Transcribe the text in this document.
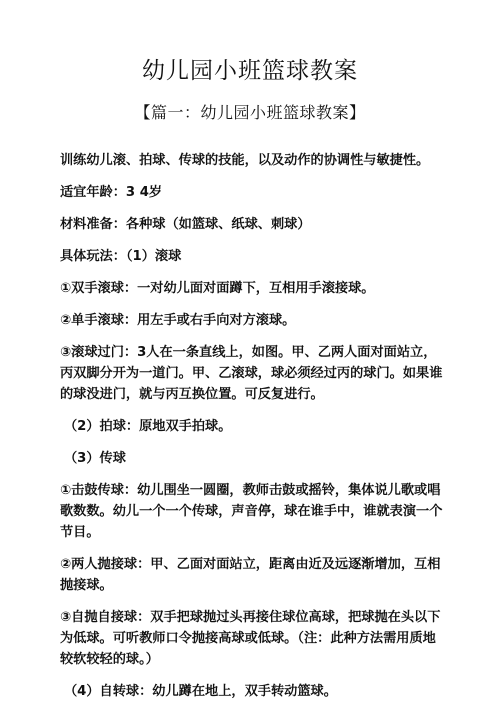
幼儿园小班篮球教案
【篇一：幼儿园小班篮球教案】

训练幼儿滚、拍球、传球的技能，以及动作的协调性与敏捷性。

适宜年龄：3 4岁

材料准备：各种球（如篮球、纸球、刺球）

具体玩法：（1）滚球

①双手滚球：一对幼儿面对面蹲下，互相用手滚接球。

②单手滚球：用左手或右手向对方滚球。

③滚球过门：3人在一条直线上，如图。甲、乙两人面对面站立，丙双脚分开为一道门。甲、乙滚球，球必须经过丙的球门。如果谁的球没进门，就与丙互换位置。可反复进行。

（2）拍球：原地双手拍球。

（3）传球

①击鼓传球：幼儿围坐一圆圈，教师击鼓或摇铃，集体说儿歌或唱歌数数。幼儿一个一个传球，声音停，球在谁手中，谁就表演一个节目。

②两人抛接球：甲、乙面对面站立，距离由近及远逐渐增加，互相抛接球。

③自抛自接球：双手把球抛过头再接住球位高球，把球抛在头以下为低球。可听教师口令抛接高球或低球。（注：此种方法需用质地较软较轻的球。）

（4）自转球：幼儿蹲在地上，双手转动篮球。
